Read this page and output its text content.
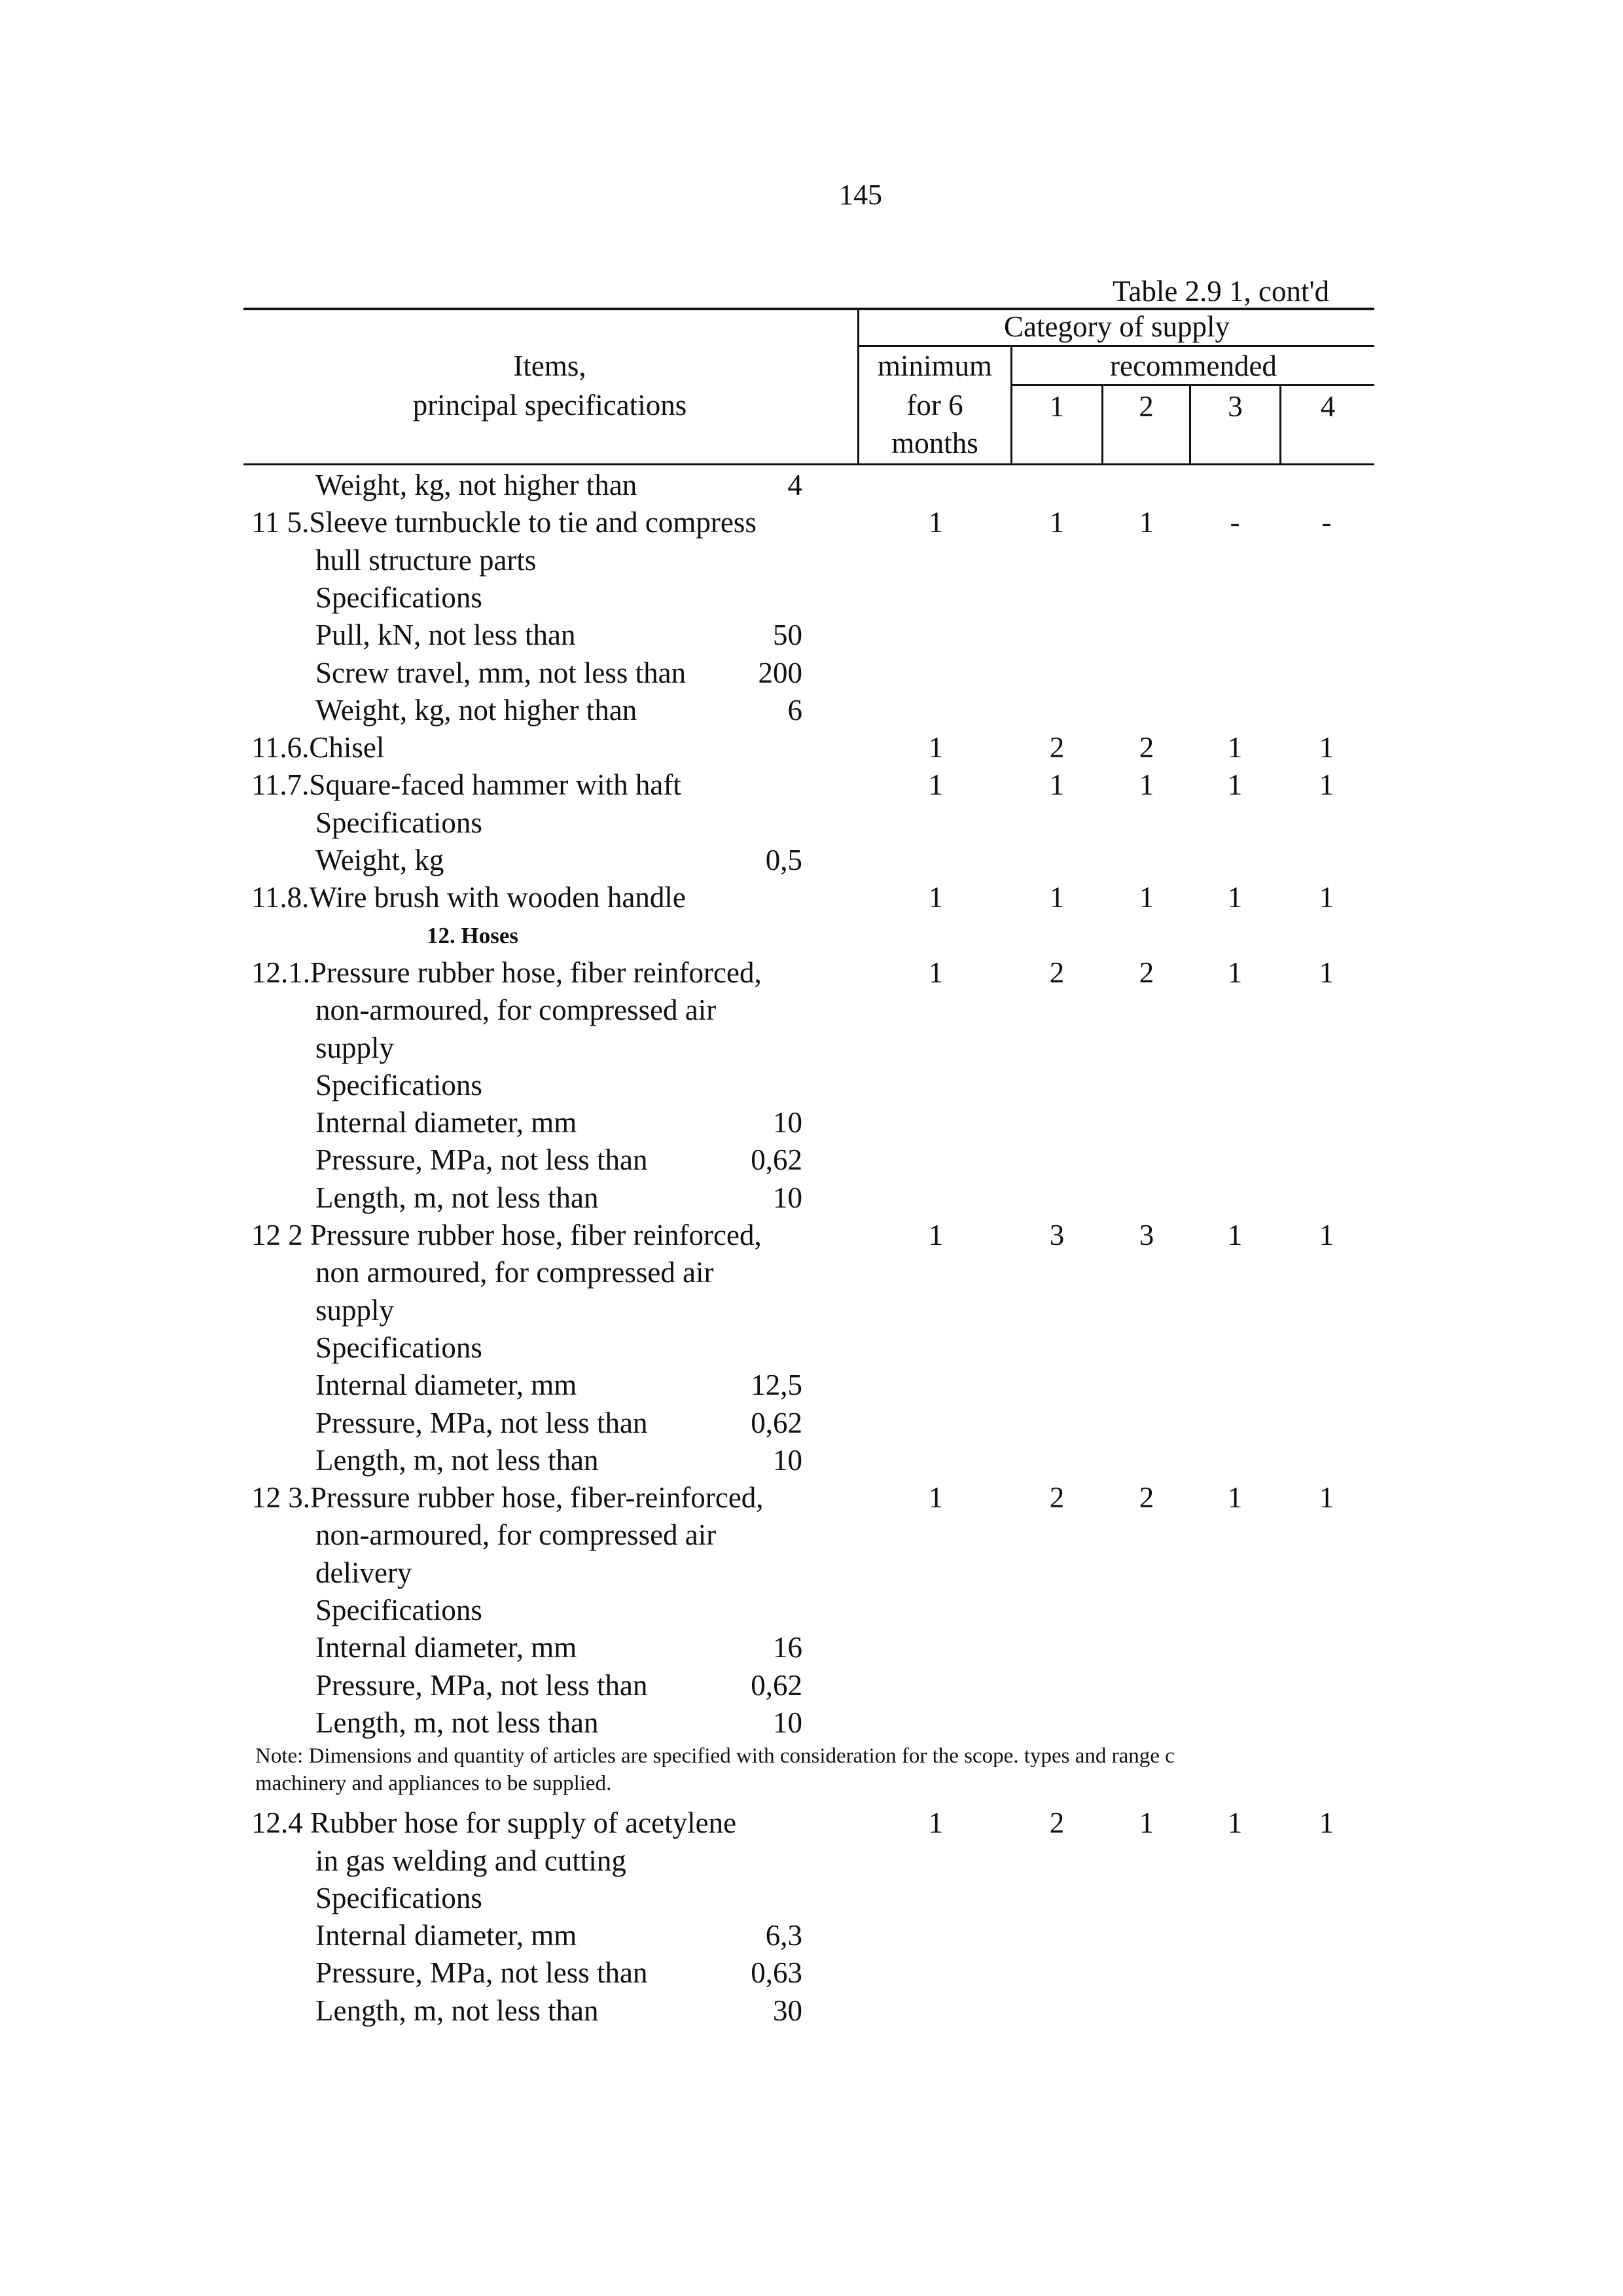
145
Table 2.9 1, cont'd
Items,
principal specifications
Category of supply
minimum
for 6
months
recommended
1	2	3	4
Weight, kg, not higher than	4
11 5.Sleeve turnbuckle to tie and compress	1	1	1	-	-
hull structure parts
Specifications
Pull, kN, not less than	50
Screw travel, mm, not less than	200
Weight, kg, not higher than	6
11.6.Chisel	1	2	2	1	1
11.7.Square-faced hammer with haft	1	1	1	1	1
Specifications
Weight, kg	0,5
11.8.Wire brush with wooden handle	1	1	1	1	1
12. Hoses
12.1.Pressure rubber hose, fiber reinforced,	1	2	2	1	1
non-armoured, for compressed air
supply
Specifications
Internal diameter, mm	10
Pressure, MPa, not less than	0,62
Length, m, not less than	10
12 2 Pressure rubber hose, fiber reinforced,	1	3	3	1	1
non armoured, for compressed air
supply
Specifications
Internal diameter, mm	12,5
Pressure, MPa, not less than	0,62
Length, m, not less than	10
12 3.Pressure rubber hose, fiber-reinforced,	1	2	2	1	1
non-armoured, for compressed air
delivery
Specifications
Internal diameter, mm	16
Pressure, MPa, not less than	0,62
Length, m, not less than	10
Note: Dimensions and quantity of articles are specified with consideration for the scope. types and range c
machinery and appliances to be supplied.
12.4 Rubber hose for supply of acetylene	1	2	1	1	1
in gas welding and cutting
Specifications
Internal diameter, mm	6,3
Pressure, MPa, not less than	0,63
Length, m, not less than	30
